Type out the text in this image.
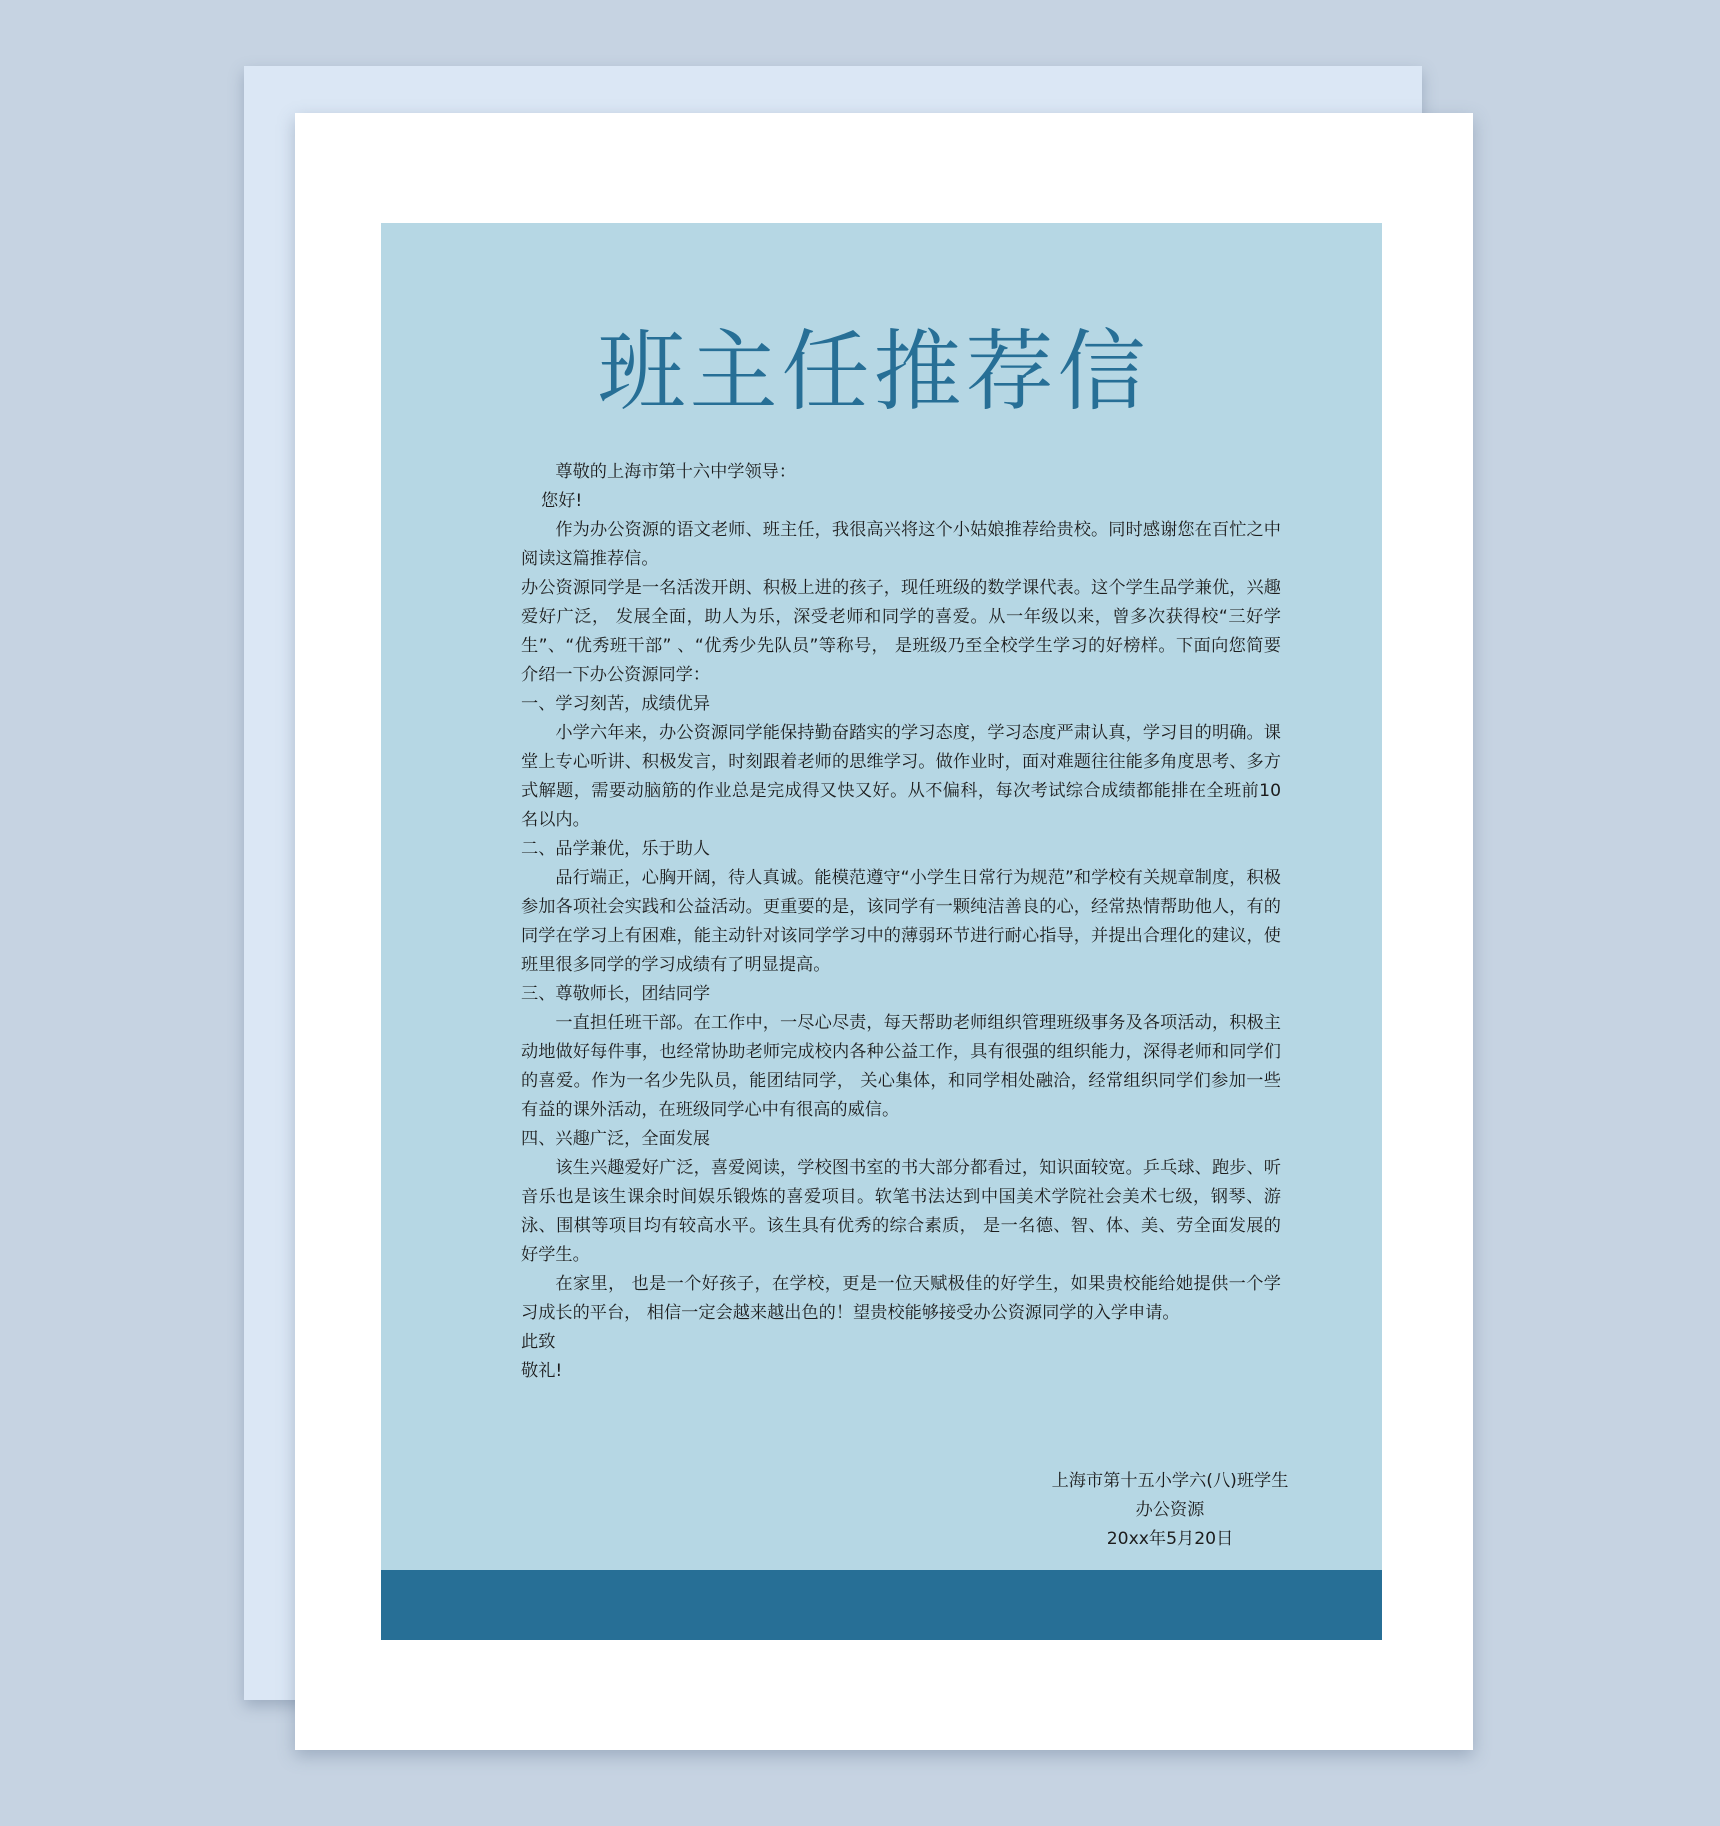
班主任推荐信

尊敬的上海市第十六中学领导：

您好!

作为办公资源的语文老师、班主任，我很高兴将这个小姑娘推荐给贵校。同时感谢您在百忙之中阅读这篇推荐信。

办公资源同学是一名活泼开朗、积极上进的孩子，现任班级的数学课代表。这个学生品学兼优，兴趣爱好广泛， 发展全面，助人为乐，深受老师和同学的喜爱。从一年级以来，曾多次获得校“三好学生”、“优秀班干部” 、“优秀少先队员”等称号， 是班级乃至全校学生学习的好榜样。下面向您简要介绍一下办公资源同学：

一、学习刻苦，成绩优异

小学六年来，办公资源同学能保持勤奋踏实的学习态度，学习态度严肃认真，学习目的明确。课堂上专心听讲、积极发言，时刻跟着老师的思维学习。做作业时，面对难题往往能多角度思考、多方式解题，需要动脑筋的作业总是完成得又快又好。从不偏科，每次考试综合成绩都能排在全班前10名以内。

二、品学兼优，乐于助人

品行端正，心胸开阔，待人真诚。能模范遵守“小学生日常行为规范”和学校有关规章制度，积极参加各项社会实践和公益活动。更重要的是，该同学有一颗纯洁善良的心，经常热情帮助他人，有的同学在学习上有困难，能主动针对该同学学习中的薄弱环节进行耐心指导，并提出合理化的建议，使班里很多同学的学习成绩有了明显提高。

三、尊敬师长，团结同学

一直担任班干部。在工作中，一尽心尽责，每天帮助老师组织管理班级事务及各项活动，积极主动地做好每件事，也经常协助老师完成校内各种公益工作，具有很强的组织能力，深得老师和同学们的喜爱。作为一名少先队员，能团结同学， 关心集体，和同学相处融洽，经常组织同学们参加一些有益的课外活动，在班级同学心中有很高的威信。

四、兴趣广泛，全面发展

该生兴趣爱好广泛，喜爱阅读，学校图书室的书大部分都看过，知识面较宽。乒乓球、跑步、听音乐也是该生课余时间娱乐锻炼的喜爱项目。软笔书法达到中国美术学院社会美术七级，钢琴、游泳、围棋等项目均有较高水平。该生具有优秀的综合素质， 是一名德、智、体、美、劳全面发展的好学生。

在家里， 也是一个好孩子，在学校，更是一位天赋极佳的好学生，如果贵校能给她提供一个学习成长的平台， 相信一定会越来越出色的！望贵校能够接受办公资源同学的入学申请。

此致

敬礼!

上海市第十五小学六(八)班学生
办公资源
20xx年5月20日
